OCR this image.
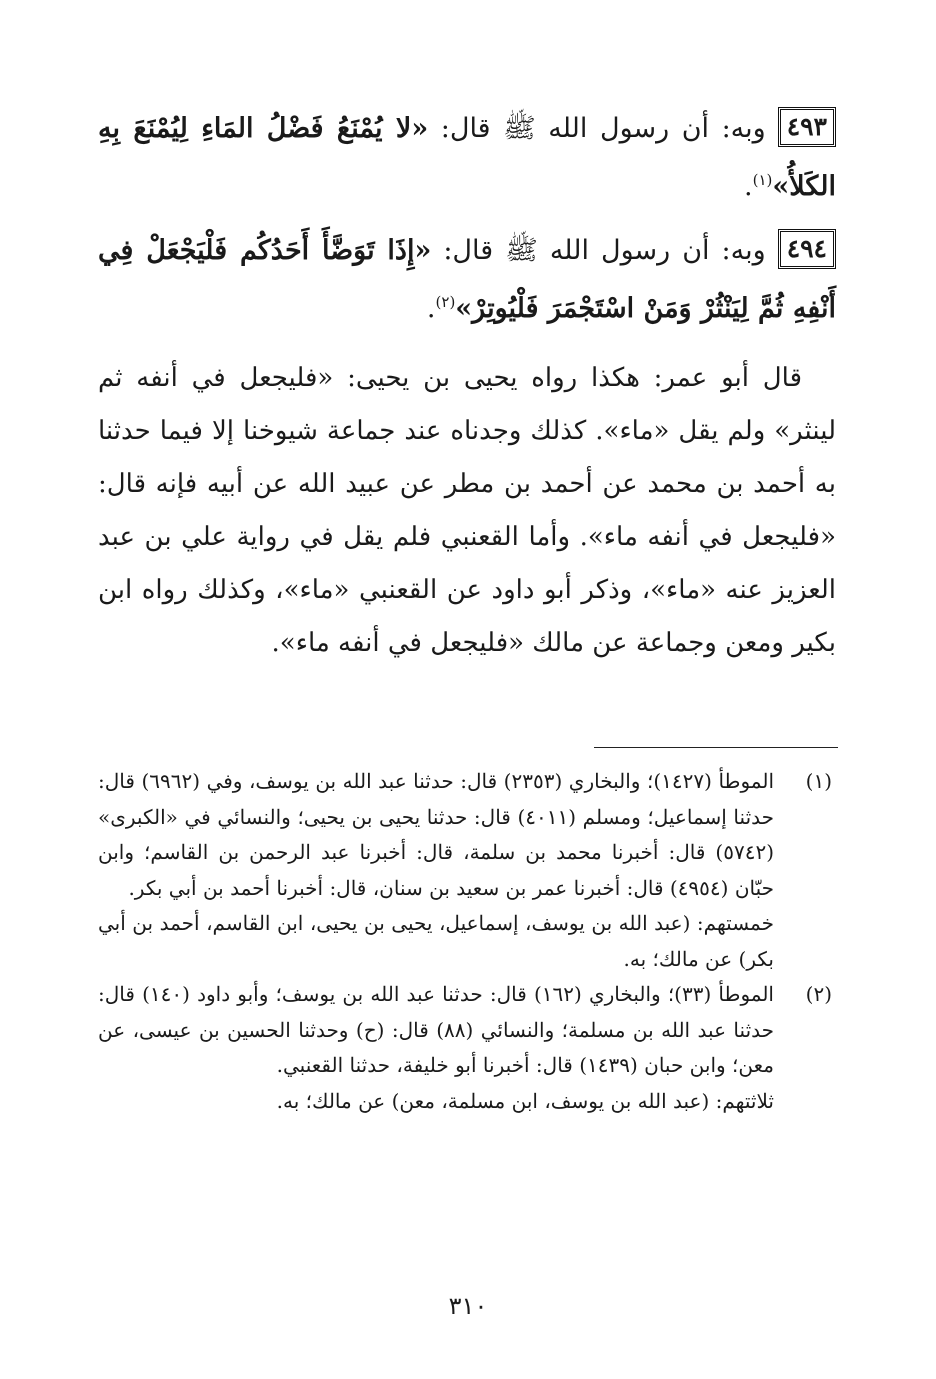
٤٩٣وبه: أن رسول الله ﷺ قال: «لا يُمْنَعُ فَضْلُ المَاءِ لِيُمْنَعَ بِهِ الكَلأُ»$^{(١)}$.

٤٩٤وبه: أن رسول الله ﷺ قال: «إِذَا تَوَضَّأَ أَحَدُكُم فَلْيَجْعَلْ فِي أَنْفِهِ ثُمَّ لِيَنْثُرْ وَمَنْ اسْتَجْمَرَ فَلْيُوتِرْ»$^{(٢)}$.

قال أبو عمر: هكذا رواه يحيى بن يحيى: «فليجعل في أنفه ثم لينثر» ولم يقل «ماء». كذلك وجدناه عند جماعة شيوخنا إلا فيما حدثنا به أحمد بن محمد عن أحمد بن مطر عن عبيد الله عن أبيه فإنه قال: «فليجعل في أنفه ماء». وأما القعنبي فلم يقل في رواية علي بن عبد العزيز عنه «ماء»، وذكر أبو داود عن القعنبي «ماء»، وكذلك رواه ابن بكير ومعن وجماعة عن مالك «فليجعل في أنفه ماء».

(١)

الموطأ (١٤٢٧)؛ والبخاري (٢٣٥٣) قال: حدثنا عبد الله بن يوسف، وفي (٦٩٦٢) قال: حدثنا إسماعيل؛ ومسلم (٤٠١١) قال: حدثنا يحيى بن يحيى؛ والنسائي في «الكبرى» (٥٧٤٢) قال: أخبرنا محمد بن سلمة، قال: أخبرنا عبد الرحمن بن القاسم؛ وابن حبّان (٤٩٥٤) قال: أخبرنا عمر بن سعيد بن سنان، قال: أخبرنا أحمد بن أبي بكر.

خمستهم: (عبد الله بن يوسف، إسماعيل، يحيى بن يحيى، ابن القاسم، أحمد بن أبي بكر) عن مالك؛ به.

(٢)

الموطأ (٣٣)؛ والبخاري (١٦٢) قال: حدثنا عبد الله بن يوسف؛ وأبو داود (١٤٠) قال: حدثنا عبد الله بن مسلمة؛ والنسائي (٨٨) قال: (ح) وحدثنا الحسين بن عيسى، عن معن؛ وابن حبان (١٤٣٩) قال: أخبرنا أبو خليفة، حدثنا القعنبي.

ثلاثتهم: (عبد الله بن يوسف، ابن مسلمة، معن) عن مالك؛ به.

٣١٠
